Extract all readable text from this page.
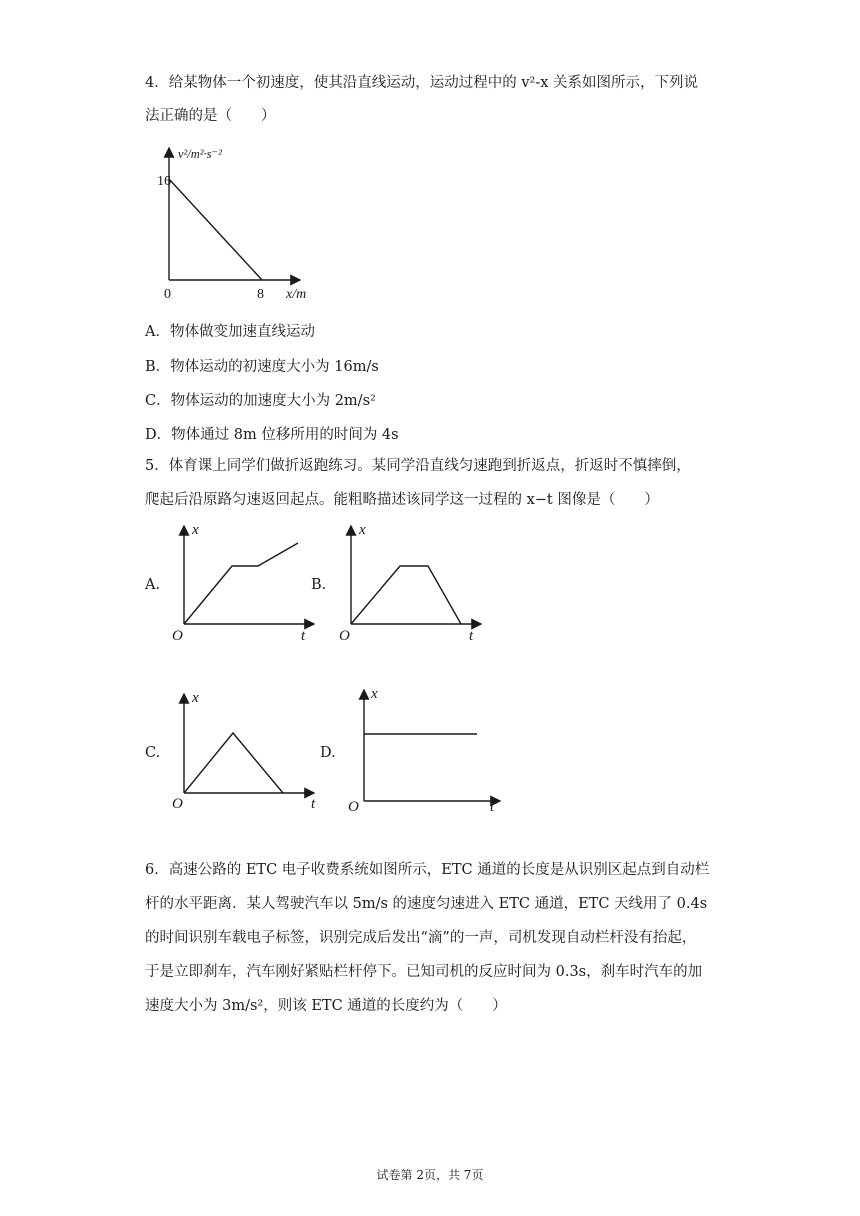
4．给某物体一个初速度，使其沿直线运动，运动过程中的 v²-x 关系如图所示，下列说
法正确的是（　　）
v²/m²·s⁻²
16
0	8 x/m
A．物体做变加速直线运动
B．物体运动的初速度大小为 16m/s
C．物体运动的加速度大小为 2m/s²
D．物体通过 8m 位移所用的时间为 4s
5．体育课上同学们做折返跑练习。某同学沿直线匀速跑到折返点，折返时不慎摔倒，
爬起后沿原路匀速返回起点。能粗略描述该同学这一过程的 x−t 图像是（　　）
A.
x
O	t
B.
x
O	t
C.
x
O	t
D.
x
O	t
6．高速公路的 ETC 电子收费系统如图所示，ETC 通道的长度是从识别区起点到自动栏
杆的水平距离．某人驾驶汽车以 5m/s 的速度匀速进入 ETC 通道，ETC 天线用了 0.4s
的时间识别车载电子标签，识别完成后发出“滴”的一声，司机发现自动栏杆没有抬起，
于是立即刹车，汽车刚好紧贴栏杆停下。已知司机的反应时间为 0.3s，刹车时汽车的加
速度大小为 3m/s²，则该 ETC 通道的长度约为（　　）
试卷第 2页，共 7页
